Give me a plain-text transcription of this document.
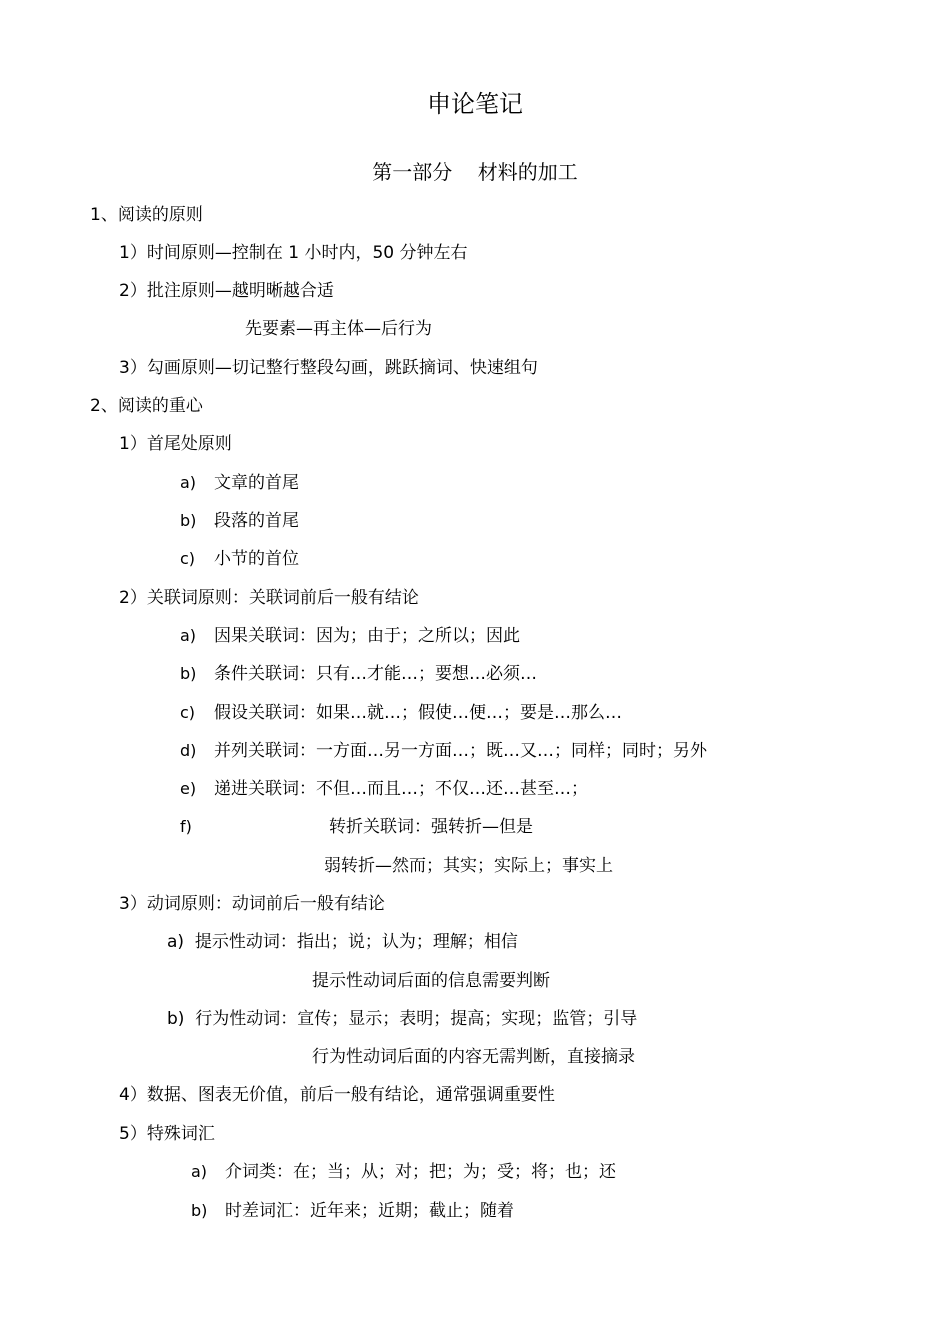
申论笔记
第一部分    材料的加工
1、阅读的原则
1）时间原则—控制在 1 小时内，50 分钟左右
2）批注原则—越明晰越合适
先要素—再主体—后行为
3）勾画原则—切记整行整段勾画，跳跃摘词、快速组句
2、阅读的重心
1）首尾处原则
a) 文章的首尾
b) 段落的首尾
c) 小节的首位
2）关联词原则：关联词前后一般有结论
a) 因果关联词：因为；由于；之所以；因此
b) 条件关联词：只有…才能…；要想…必须…
c) 假设关联词：如果…就…；假使…便…；要是…那么…
d) 并列关联词：一方面…另一方面…；既…又…；同样；同时；另外
e) 递进关联词：不但…而且…；不仅…还…甚至…；
f)	转折关联词：强转折—但是
弱转折—然而；其实；实际上；事实上
3）动词原则：动词前后一般有结论
a)  提示性动词：指出；说；认为；理解；相信
提示性动词后面的信息需要判断
b)  行为性动词：宣传；显示；表明；提高；实现；监管；引导
行为性动词后面的内容无需判断，直接摘录
4）数据、图表无价值，前后一般有结论，通常强调重要性
5）特殊词汇
a) 介词类：在；当；从；对；把；为；受；将；也；还
b) 时差词汇：近年来；近期；截止；随着
